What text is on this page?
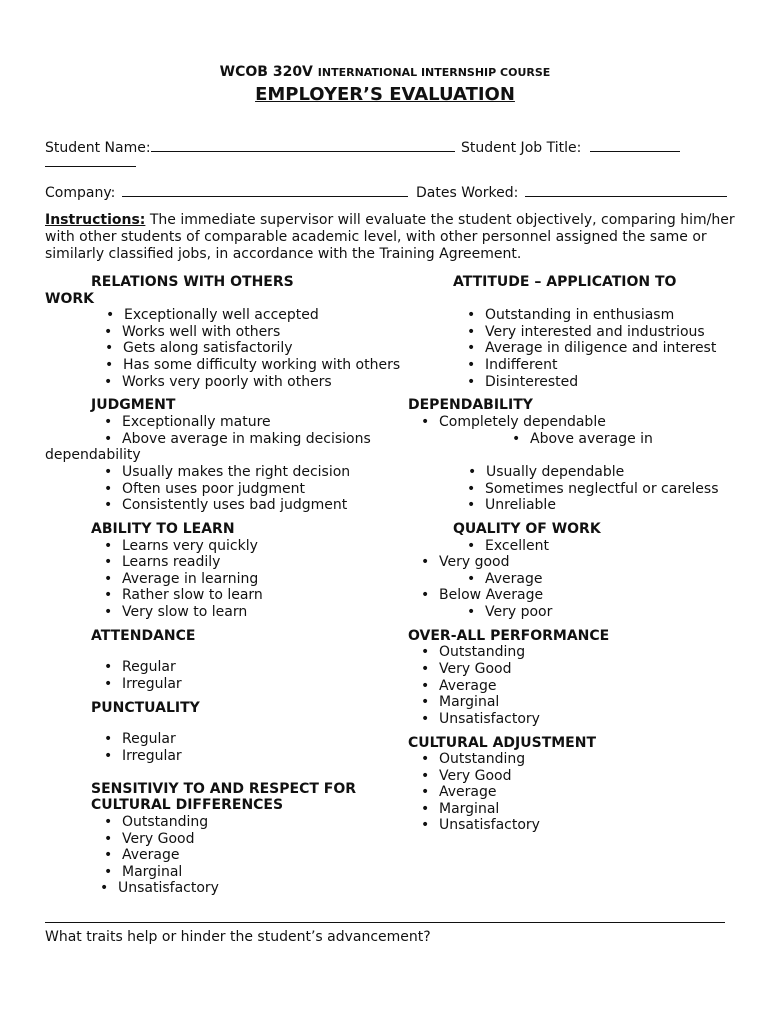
WCOB 320V INTERNATIONAL INTERNSHIP COURSE
EMPLOYER’S EVALUATION
Student Name:	Student Job Title:
Company:	Dates Worked:
Instructions: The immediate supervisor will evaluate the student objectively, comparing him/her with other students of comparable academic level, with other personnel assigned the same or similarly classified jobs, in accordance with the Training Agreement.
RELATIONS WITH OTHERS	ATTITUDE – APPLICATION TO
WORK
• Exceptionally well accepted
• Works well with others
• Gets along satisfactorily
• Has some difficulty working with others
• Works very poorly with others
• Outstanding in enthusiasm
• Very interested and industrious
• Average in diligence and interest
• Indifferent
• Disinterested
JUDGMENT	DEPENDABILITY
• Exceptionally mature
• Above average in making decisions
• Completely dependable
• Above average in
dependability
• Usually makes the right decision
• Often uses poor judgment
• Consistently uses bad judgment
• Usually dependable
• Sometimes neglectful or careless
• Unreliable
ABILITY TO LEARN	QUALITY OF WORK
• Learns very quickly
• Learns readily
• Average in learning
• Rather slow to learn
• Very slow to learn
• Excellent
• Very good
• Average
• Below Average
• Very poor
ATTENDANCE	OVER-ALL PERFORMANCE
• Regular
• Irregular
• Outstanding
• Very Good
• Average
• Marginal
• Unsatisfactory
PUNCTUALITY
• Regular
• Irregular
CULTURAL ADJUSTMENT
• Outstanding
• Very Good
• Average
• Marginal
• Unsatisfactory
SENSITIVIY TO AND RESPECT FOR
CULTURAL DIFFERENCES
• Outstanding
• Very Good
• Average
• Marginal
• Unsatisfactory
What traits help or hinder the student’s advancement?
